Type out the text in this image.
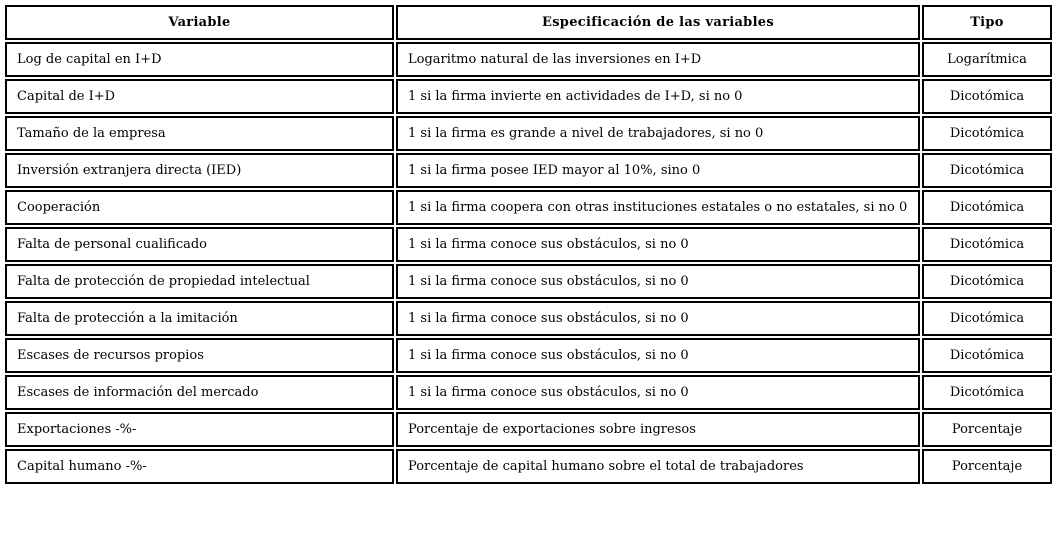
Variable	Especificación de las variables	Tipo
Log de capital en I+D	Logaritmo natural de las inversiones en I+D	Logarítmica
Capital de I+D	1 si la firma invierte en actividades de I+D, si no 0	Dicotómica
Tamaño de la empresa	1 si la firma es grande a nivel de trabajadores, si no 0	Dicotómica
Inversión extranjera directa (IED)	1 si la firma posee IED mayor al 10%, sino 0	Dicotómica
Cooperación	1 si la firma coopera con otras instituciones estatales o no estatales, si no 0	Dicotómica
Falta de personal cualificado	1 si la firma conoce sus obstáculos, si no 0	Dicotómica
Falta de protección de propiedad intelectual	1 si la firma conoce sus obstáculos, si no 0	Dicotómica
Falta de protección a la imitación	1 si la firma conoce sus obstáculos, si no 0	Dicotómica
Escases de recursos propios	1 si la firma conoce sus obstáculos, si no 0	Dicotómica
Escases de información del mercado	1 si la firma conoce sus obstáculos, si no 0	Dicotómica
Exportaciones -%-	Porcentaje de exportaciones sobre ingresos	Porcentaje
Capital humano -%-	Porcentaje de capital humano sobre el total de trabajadores	Porcentaje
